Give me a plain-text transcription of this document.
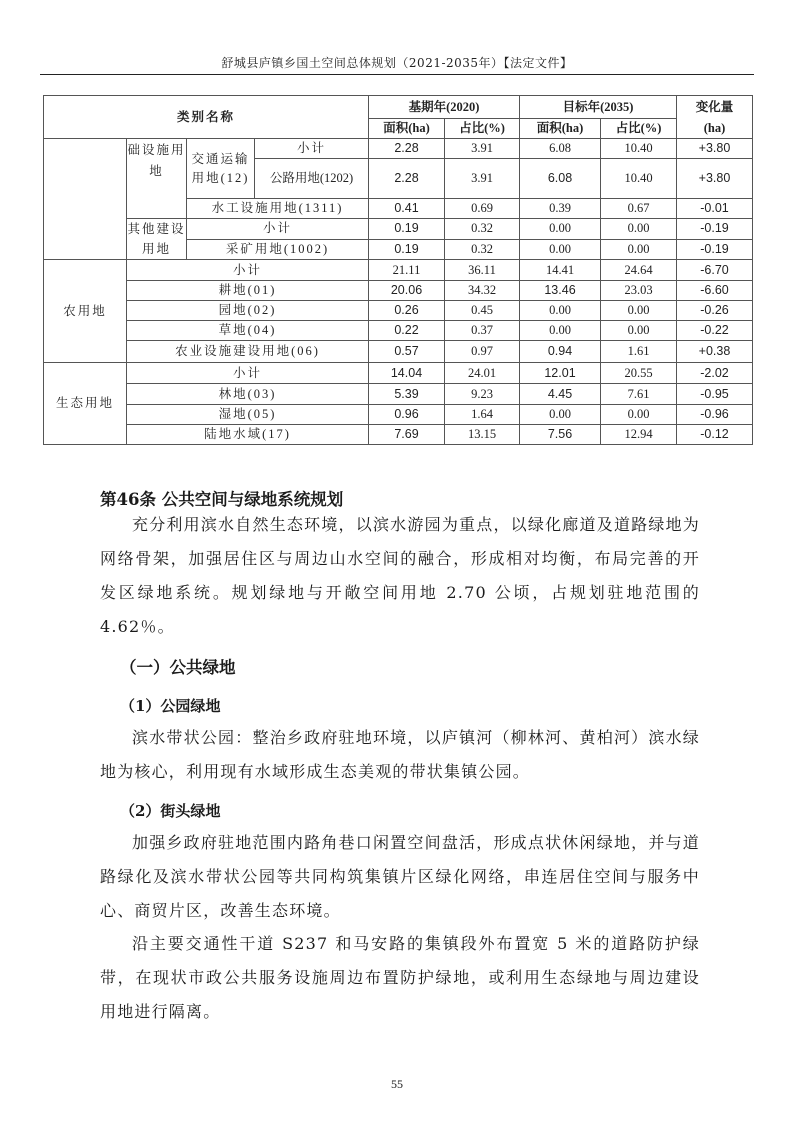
舒城县庐镇乡国土空间总体规划（2021-2035年）【法定文件】
类别名称				基期年(2020)		目标年(2035)		变化量
				面积(ha)	占比(%)	面积(ha)	占比(%)	(ha)
	础设施用地	交通运输用地(12)	小计	2.28	3.91	6.08	10.40	+3.80
			公路用地(1202)	2.28	3.91	6.08	10.40	+3.80
		水工设施用地(1311)		0.41	0.69	0.39	0.67	-0.01
	其他建设用地	小计		0.19	0.32	0.00	0.00	-0.19
		采矿用地(1002)		0.19	0.32	0.00	0.00	-0.19
农用地	小计			21.11	36.11	14.41	24.64	-6.70
	耕地(01)			20.06	34.32	13.46	23.03	-6.60
	园地(02)			0.26	0.45	0.00	0.00	-0.26
	草地(04)			0.22	0.37	0.00	0.00	-0.22
	农业设施建设用地(06)			0.57	0.97	0.94	1.61	+0.38
生态用地	小计			14.04	24.01	12.01	20.55	-2.02
	林地(03)			5.39	9.23	4.45	7.61	-0.95
	湿地(05)			0.96	1.64	0.00	0.00	-0.96
	陆地水域(17)			7.69	13.15	7.56	12.94	-0.12
第46条 公共空间与绿地系统规划
充分利用滨水自然生态环境，以滨水游园为重点，以绿化廊道及道路绿地为网络骨架，加强居住区与周边山水空间的融合，形成相对均衡，布局完善的开发区绿地系统。规划绿地与开敞空间用地 2.70 公顷，占规划驻地范围的 4.62％。
（一）公共绿地
（1）公园绿地
滨水带状公园：整治乡政府驻地环境，以庐镇河（柳林河、黄柏河）滨水绿地为核心，利用现有水域形成生态美观的带状集镇公园。
（2）街头绿地
加强乡政府驻地范围内路角巷口闲置空间盘活，形成点状休闲绿地，并与道路绿化及滨水带状公园等共同构筑集镇片区绿化网络，串连居住空间与服务中心、商贸片区，改善生态环境。
沿主要交通性干道 S237 和马安路的集镇段外布置宽 5 米的道路防护绿带，在现状市政公共服务设施周边布置防护绿地，或利用生态绿地与周边建设用地进行隔离。
55
